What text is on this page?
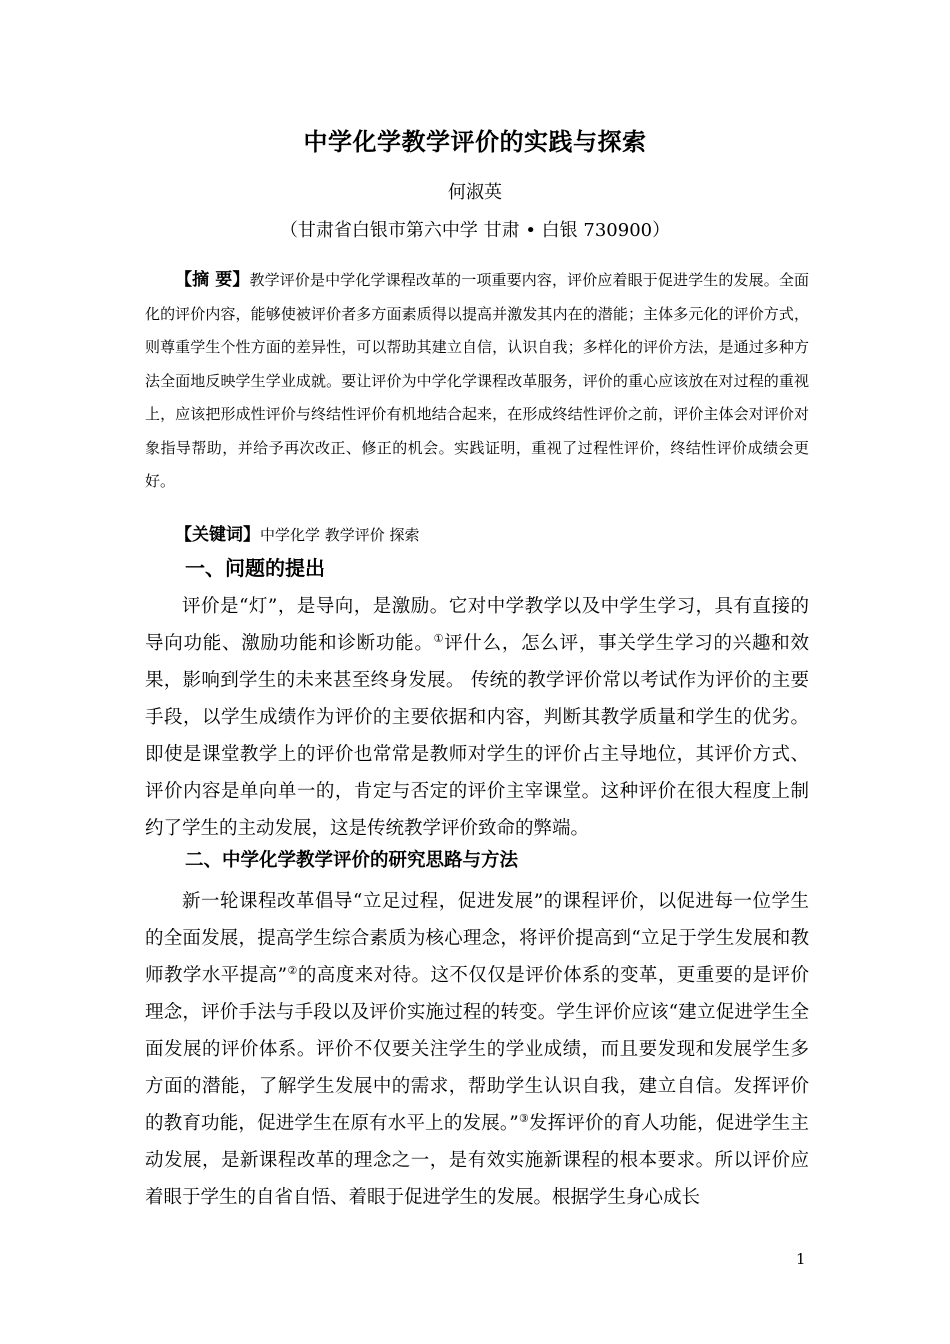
中学化学教学评价的实践与探索
何淑英
（甘肃省白银市第六中学 甘肃 • 白银 730900）

【摘 要】教学评价是中学化学课程改革的一项重要内容，评价应着眼于促进学生的发展。全面化的评价内容，能够使被评价者多方面素质得以提高并激发其内在的潜能；主体多元化的评价方式，则尊重学生个性方面的差异性，可以帮助其建立自信，认识自我；多样化的评价方法，是通过多种方法全面地反映学生学业成就。要让评价为中学化学课程改革服务，评价的重心应该放在对过程的重视上，应该把形成性评价与终结性评价有机地结合起来，在形成终结性评价之前，评价主体会对评价对象指导帮助，并给予再次改正、修正的机会。实践证明，重视了过程性评价，终结性评价成绩会更好。

【关键词】中学化学 教学评价 探索

一、问题的提出

评价是“灯”，是导向，是激励。它对中学教学以及中学生学习，具有直接的导向功能、激励功能和诊断功能。①评什么，怎么评，事关学生学习的兴趣和效果，影响到学生的未来甚至终身发展。 传统的教学评价常以考试作为评价的主要手段，以学生成绩作为评价的主要依据和内容，判断其教学质量和学生的优劣。即使是课堂教学上的评价也常常是教师对学生的评价占主导地位，其评价方式、评价内容是单向单一的，肯定与否定的评价主宰课堂。这种评价在很大程度上制约了学生的主动发展，这是传统教学评价致命的弊端。

二、中学化学教学评价的研究思路与方法

新一轮课程改革倡导“立足过程，促进发展”的课程评价，以促进每一位学生的全面发展，提高学生综合素质为核心理念，将评价提高到“立足于学生发展和教师教学水平提高”②的高度来对待。这不仅仅是评价体系的变革，更重要的是评价理念，评价手法与手段以及评价实施过程的转变。学生评价应该“建立促进学生全面发展的评价体系。评价不仅要关注学生的学业成绩，而且要发现和发展学生多方面的潜能，了解学生发展中的需求，帮助学生认识自我，建立自信。发挥评价的教育功能，促进学生在原有水平上的发展。”③发挥评价的育人功能，促进学生主动发展，是新课程改革的理念之一，是有效实施新课程的根本要求。所以评价应着眼于学生的自省自悟、着眼于促进学生的发展。根据学生身心成长

1
